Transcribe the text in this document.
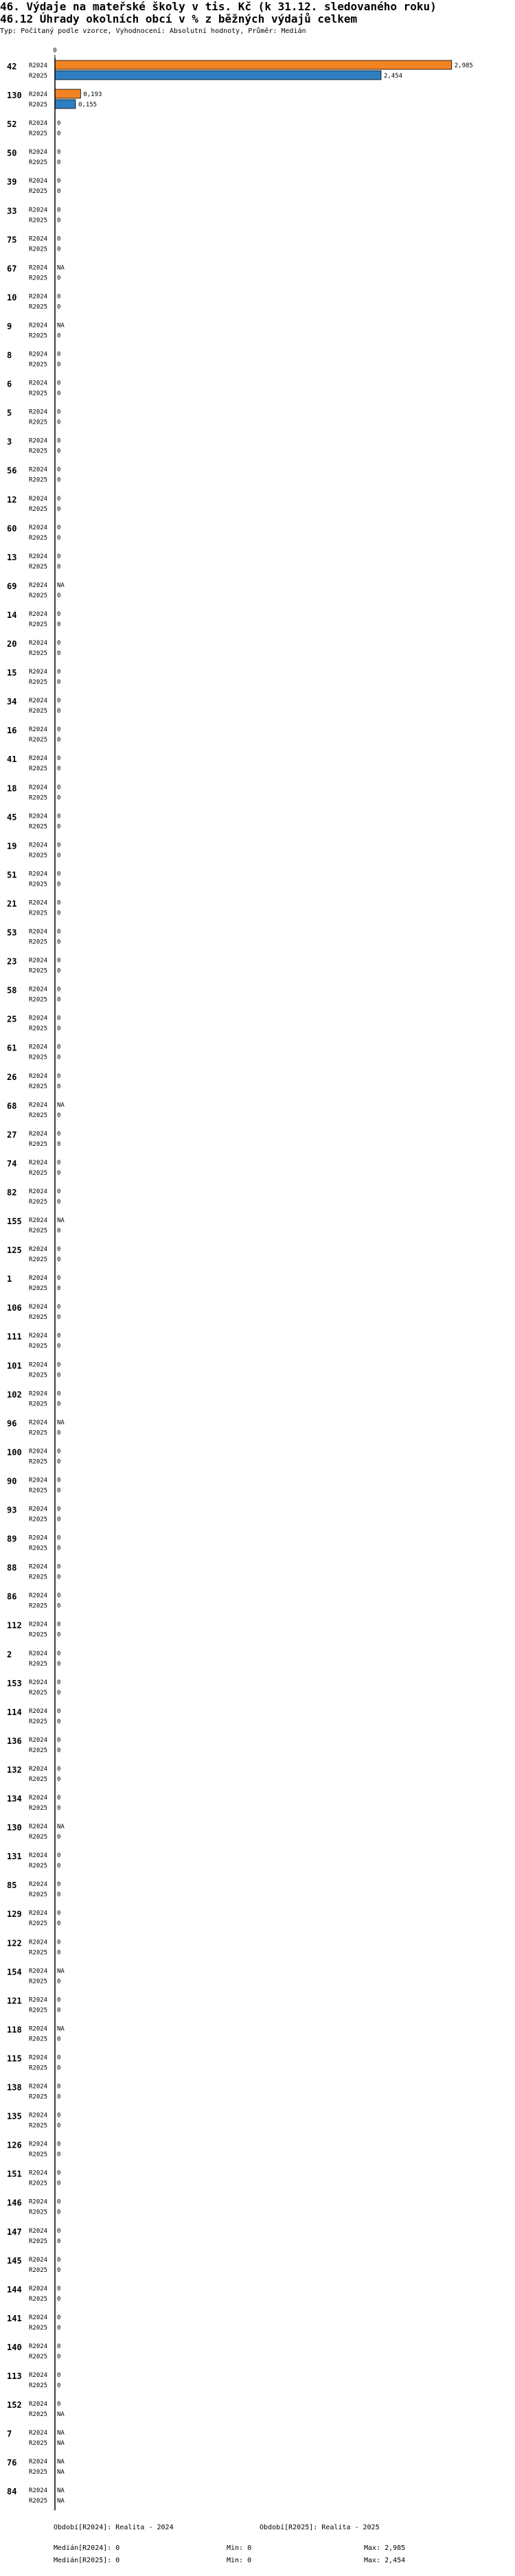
46. Výdaje na mateřské školy v tis. Kč (k 31.12. sledovaného roku)
46.12 Úhrady okolních obcí v % z běžných výdajů celkem
Typ: Počítaný podle vzorce, Vyhodnocení: Absolutní hodnoty, Průměr: Medián
0
42 R2024	2,985
R2025	2,454
130 R2024	0,193
R2025	0,155
52 R2024 0
R2025 0
50 R2024 0
R2025 0
39 R2024 0
R2025 0
33 R2024 0
R2025 0
75 R2024 0
R2025 0
67 R2024 NA
R2025 0
10 R2024 0
R2025 0
9	R2024 NA
R2025 0
8	R2024 0
R2025 0
6	R2024 0
R2025 0
5	R2024 0
R2025 0
3	R2024 0
R2025 0
56 R2024 0
R2025 0
12 R2024 0
R2025 0
60 R2024 0
R2025 0
13 R2024 0
R2025 0
69 R2024 NA
R2025 0
14 R2024 0
R2025 0
20 R2024 0
R2025 0
15 R2024 0
R2025 0
34 R2024 0
R2025 0
16 R2024 0
R2025 0
41 R2024 0
R2025 0
18 R2024 0
R2025 0
45 R2024 0
R2025 0
19 R2024 0
R2025 0
51 R2024 0
R2025 0
21 R2024 0
R2025 0
53 R2024 0
R2025 0
23 R2024 0
R2025 0
58 R2024 0
R2025 0
25 R2024 0
R2025 0
61 R2024 0
R2025 0
26 R2024 0
R2025 0
68 R2024 NA
R2025 0
27 R2024 0
R2025 0
74 R2024 0
R2025 0
82 R2024 0
R2025 0
155 R2024 NA
R2025 0
125 R2024 0
R2025 0
1	R2024 0
R2025 0
106 R2024 0
R2025 0
111 R2024 0
R2025 0
101 R2024 0
R2025 0
102 R2024 0
R2025 0
96 R2024 NA
R2025 0
100 R2024 0
R2025 0
90 R2024 0
R2025 0
93 R2024 0
R2025 0
89 R2024 0
R2025 0
88 R2024 0
R2025 0
86 R2024 0
R2025 0
112 R2024 0
R2025 0
2	R2024 0
R2025 0
153 R2024 0
R2025 0
114 R2024 0
R2025 0
136 R2024 0
R2025 0
132 R2024 0
R2025 0
134 R2024 0
R2025 0
130 R2024 NA
R2025 0
131 R2024 0
R2025 0
85 R2024 0
R2025 0
129 R2024 0
R2025 0
122 R2024 0
R2025 0
154 R2024 NA
R2025 0
121 R2024 0
R2025 0
118 R2024 NA
R2025 0
115 R2024 0
R2025 0
138 R2024 0
R2025 0
135 R2024 0
R2025 0
126 R2024 0
R2025 0
151 R2024 0
R2025 0
146 R2024 0
R2025 0
147 R2024 0
R2025 0
145 R2024 0
R2025 0
144 R2024 0
R2025 0
141 R2024 0
R2025 0
140 R2024 0
R2025 0
113 R2024 0
R2025 0
152 R2024 0
R2025 NA
7	R2024 NA
R2025 NA
76 R2024 NA
R2025 NA
84 R2024 NA
R2025 NA
Období[R2024]: Realita - 2024	Období[R2025]: Realita - 2025
Medián[R2024]: 0	Min: 0	Max: 2,985
Medián[R2025]: 0	Min: 0	Max: 2,454
